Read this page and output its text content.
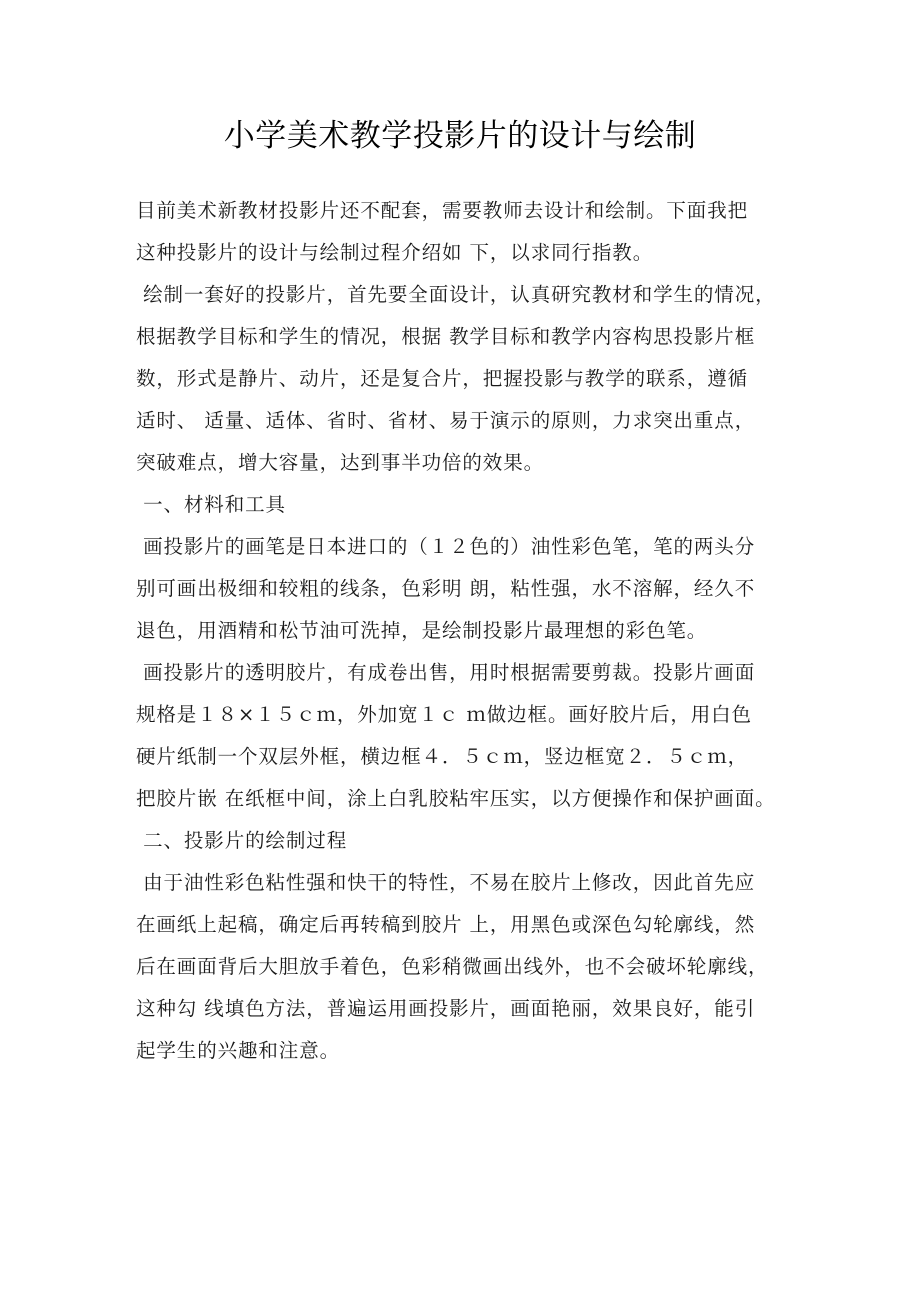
小学美术教学投影片的设计与绘制
目前美术新教材投影片还不配套，需要教师去设计和绘制。下面我把
这种投影片的设计与绘制过程介绍如 下，以求同行指教。
绘制一套好的投影片，首先要全面设计，认真研究教材和学生的情况，
根据教学目标和学生的情况，根据 教学目标和教学内容构思投影片框
数，形式是静片、动片，还是复合片，把握投影与教学的联系，遵循
适时、 适量、适体、省时、省材、易于演示的原则，力求突出重点，
突破难点，增大容量，达到事半功倍的效果。
一、材料和工具
画投影片的画笔是日本进口的（１２色的）油性彩色笔，笔的两头分
别可画出极细和较粗的线条，色彩明 朗，粘性强，水不溶解，经久不
退色，用酒精和松节油可洗掉，是绘制投影片最理想的彩色笔。
画投影片的透明胶片，有成卷出售，用时根据需要剪裁。投影片画面
规格是１８×１５ｃｍ，外加宽１ｃ ｍ做边框。画好胶片后，用白色
硬片纸制一个双层外框，横边框４．５ｃｍ，竖边框宽２．５ｃｍ，
把胶片嵌 在纸框中间，涂上白乳胶粘牢压实，以方便操作和保护画面。
二、投影片的绘制过程
由于油性彩色粘性强和快干的特性，不易在胶片上修改，因此首先应
在画纸上起稿，确定后再转稿到胶片 上，用黑色或深色勾轮廓线，然
后在画面背后大胆放手着色，色彩稍微画出线外，也不会破坏轮廓线，
这种勾 线填色方法，普遍运用画投影片，画面艳丽，效果良好，能引
起学生的兴趣和注意。
